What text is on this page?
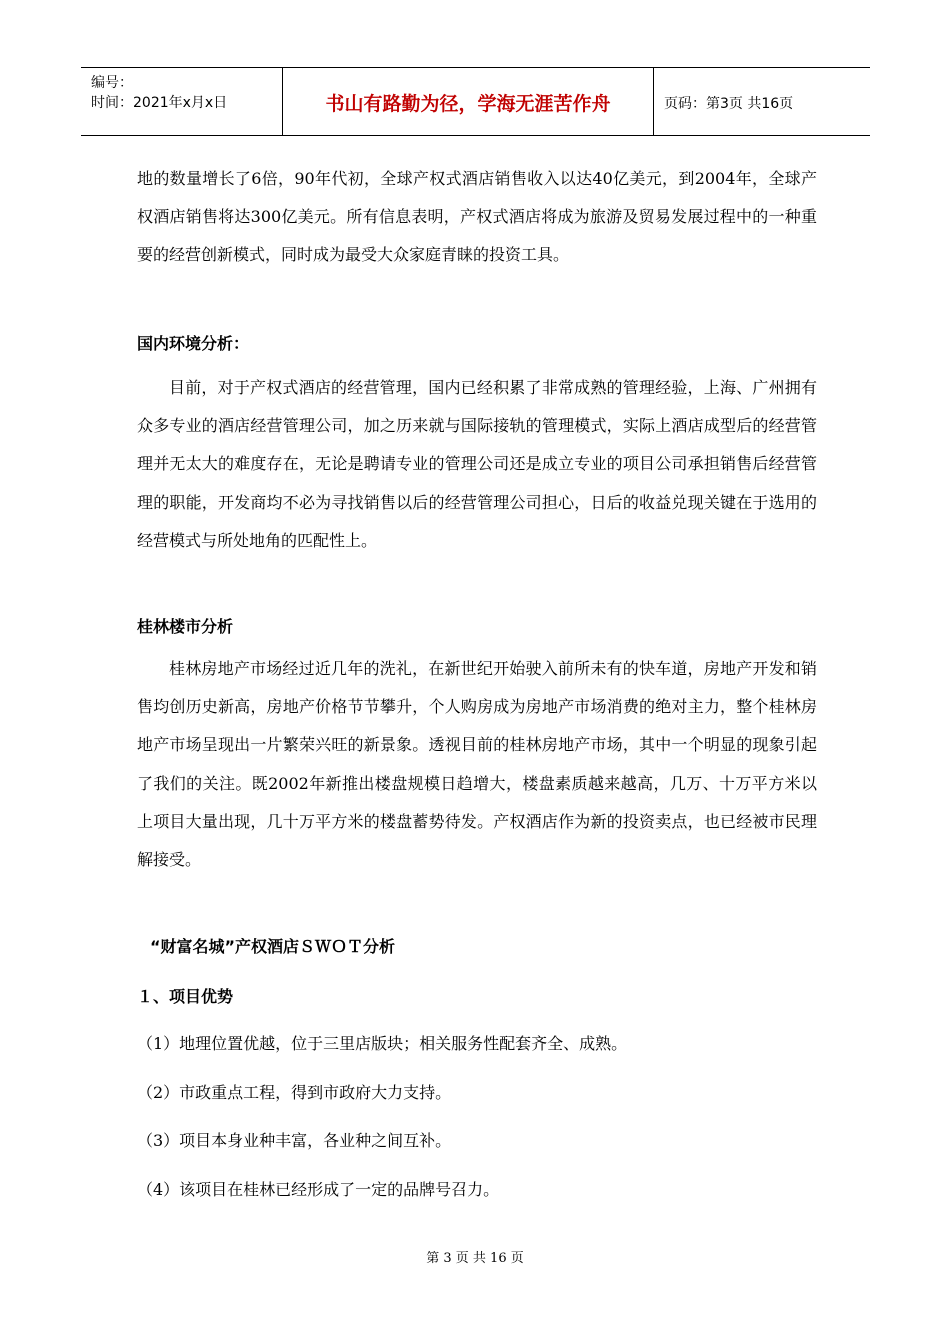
编号：
时间：2021年x月x日	书山有路勤为径，学海无涯苦作舟	页码：第3页 共16页

地的数量增长了6倍，90年代初，全球产权式酒店销售收入以达40亿美元，到2004年，全球产权酒店销售将达300亿美元。所有信息表明，产权式酒店将成为旅游及贸易发展过程中的一种重要的经营创新模式，同时成为最受大众家庭青睐的投资工具。

国内环境分析：

目前，对于产权式酒店的经营管理，国内已经积累了非常成熟的管理经验，上海、广州拥有众多专业的酒店经营管理公司，加之历来就与国际接轨的管理模式，实际上酒店成型后的经营管理并无太大的难度存在，无论是聘请专业的管理公司还是成立专业的项目公司承担销售后经营管理的职能，开发商均不必为寻找销售以后的经营管理公司担心，日后的收益兑现关键在于选用的经营模式与所处地角的匹配性上。

桂林楼市分析

桂林房地产市场经过近几年的洗礼，在新世纪开始驶入前所未有的快车道，房地产开发和销售均创历史新高，房地产价格节节攀升，个人购房成为房地产市场消费的绝对主力，整个桂林房地产市场呈现出一片繁荣兴旺的新景象。透视目前的桂林房地产市场，其中一个明显的现象引起了我们的关注。既2002年新推出楼盘规模日趋增大，楼盘素质越来越高，几万、十万平方米以上项目大量出现，几十万平方米的楼盘蓄势待发。产权酒店作为新的投资卖点，也已经被市民理解接受。

“财富名城”产权酒店ＳＷＯＴ分析
１、项目优势

（1）地理位置优越，位于三里店版块；相关服务性配套齐全、成熟。

（2）市政重点工程，得到市政府大力支持。

（3）项目本身业种丰富，各业种之间互补。

（4）该项目在桂林已经形成了一定的品牌号召力。

第 3 页 共 16 页
